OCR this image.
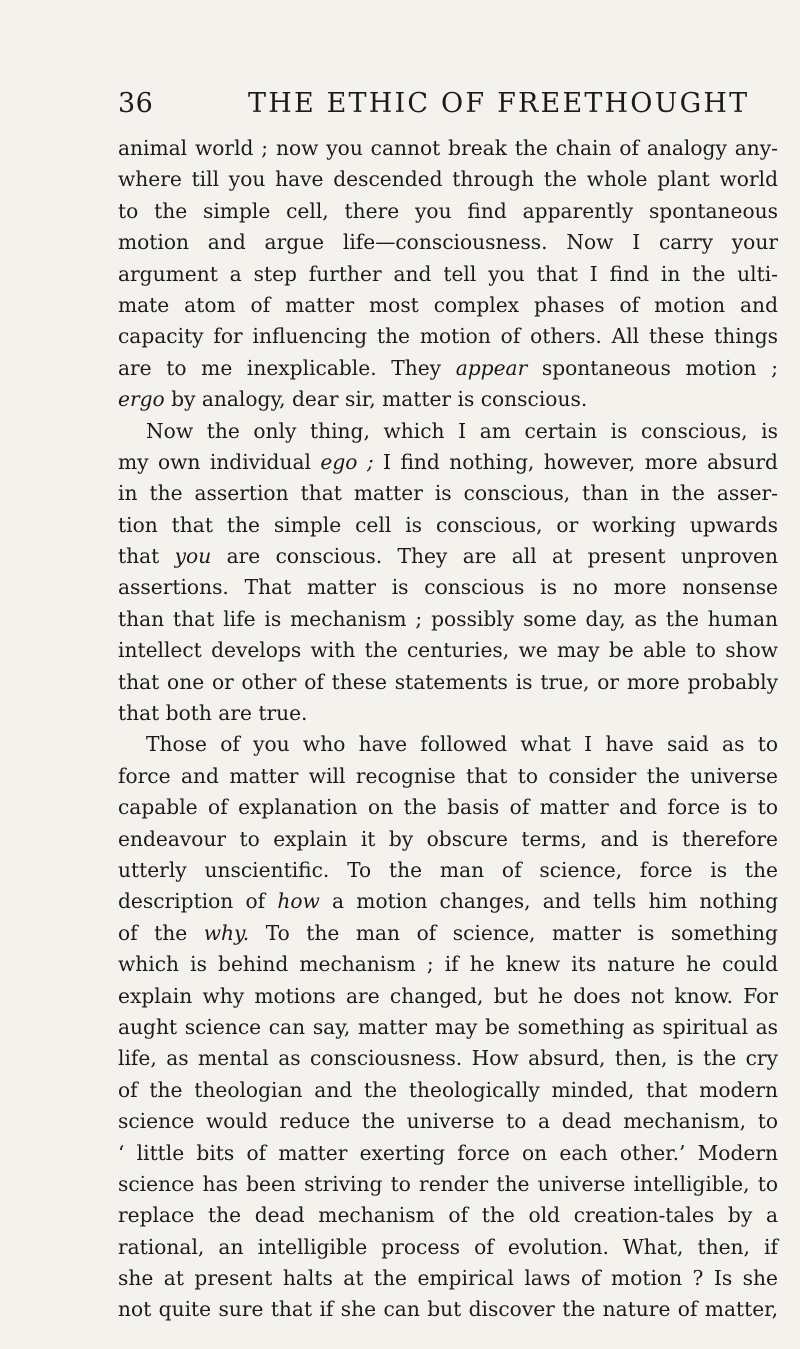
36	THE ETHIC OF FREETHOUGHT
animal world ; now you cannot break the chain of analogy any-
where till you have descended through the whole plant world
to the simple cell, there you find apparently spontaneous
motion and argue life—consciousness. Now I carry your
argument a step further and tell you that I find in the ulti-
mate atom of matter most complex phases of motion and
capacity for influencing the motion of others. All these things
are to me inexplicable. They appear spontaneous motion ;
ergo by analogy, dear sir, matter is conscious.
Now the only thing, which I am certain is conscious, is
my own individual ego ; I find nothing, however, more absurd
in the assertion that matter is conscious, than in the asser-
tion that the simple cell is conscious, or working upwards
that you are conscious. They are all at present unproven
assertions. That matter is conscious is no more nonsense
than that life is mechanism ; possibly some day, as the human
intellect develops with the centuries, we may be able to show
that one or other of these statements is true, or more probably
that both are true.
Those of you who have followed what I have said as to
force and matter will recognise that to consider the universe
capable of explanation on the basis of matter and force is to
endeavour to explain it by obscure terms, and is therefore
utterly unscientific. To the man of science, force is the
description of how a motion changes, and tells him nothing
of the why. To the man of science, matter is something
which is behind mechanism ; if he knew its nature he could
explain why motions are changed, but he does not know. For
aught science can say, matter may be something as spiritual as
life, as mental as consciousness. How absurd, then, is the cry
of the theologian and the theologically minded, that modern
science would reduce the universe to a dead mechanism, to
‘ little bits of matter exerting force on each other.’ Modern
science has been striving to render the universe intelligible, to
replace the dead mechanism of the old creation-tales by a
rational, an intelligible process of evolution. What, then, if
she at present halts at the empirical laws of motion ? Is she
not quite sure that if she can but discover the nature of matter,
